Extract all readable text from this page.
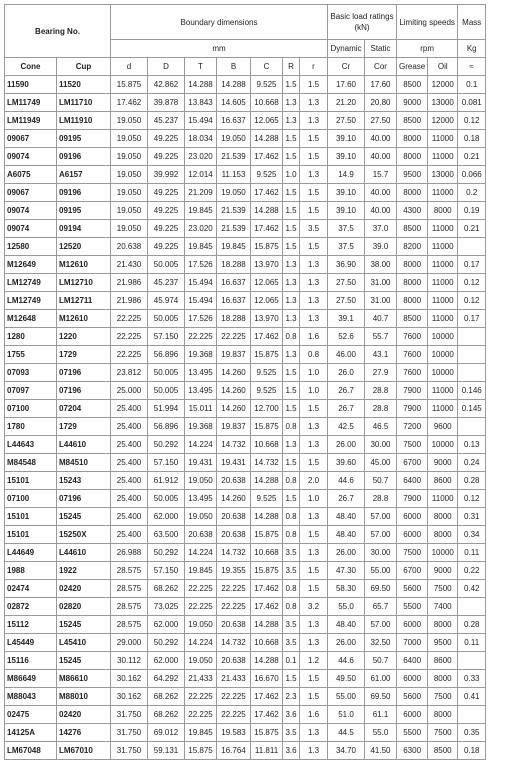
Bearing No.		Boundary dimensions							Basic load ratings (kN)		Limiting speeds		Mass
		mm							Dynamic	Static	rpm		Kg
Cone	Cup	d	D	T	B	C	R	r	Cr	Cor	Grease	Oil	≈
11590	11520	15.875	42.862	14.288	14.288	9.525	1.5	1.5	17.60	17.60	8500	12000	0.1
LM11749	LM11710	17.462	39.878	13.843	14.605	10.668	1.3	1.3	21.20	20.80	9000	13000	0.081
LM11949	LM11910	19.050	45.237	15.494	16.637	12.065	1.3	1.3	27.50	27.50	8500	12000	0.12
09067	09195	19.050	49.225	18.034	19.050	14.288	1.5	1.5	39.10	40.00	8000	11000	0.18
09074	09196	19.050	49.225	23.020	21.539	17.462	1.5	1.5	39.10	40.00	8000	11000	0.21
A6075	A6157	19.050	39.992	12.014	11.153	9.525	1.0	1.3	14.9	15.7	9500	13000	0.066
09067	09196	19.050	49.225	21.209	19.050	17.462	1.5	1.5	39.10	40.00	8000	11000	0.2
09074	09195	19.050	49.225	19.845	21.539	14.288	1.5	1.5	39.10	40.00	4300	8000	0.19
09074	09194	19.050	49.225	23.020	21.539	17.462	1.5	3.5	37.5	37.0	8500	11000	0.21
12580	12520	20.638	49.225	19.845	19.845	15.875	1.5	1.5	37.5	39.0	8200	11000	
M12649	M12610	21.430	50.005	17.526	18.288	13.970	1.3	1.3	36.90	38.00	8000	11000	0.17
LM12749	LM12710	21.986	45.237	15.494	16.637	12.065	1.3	1.3	27.50	31.00	8000	11000	0.12
LM12749	LM12711	21.986	45.974	15.494	16.637	12.065	1.3	1.3	27.50	31.00	8000	11000	0.12
M12648	M12610	22.225	50.005	17.526	18.288	13.970	1.3	1.3	39.1	40.7	8500	11000	0.17
1280	1220	22.225	57.150	22.225	22.225	17.462	0.8	1.6	52.6	55.7	7600	10000	
1755	1729	22.225	56.896	19.368	19.837	15.875	1.3	0.8	46.00	43.1	7600	10000	
07093	07196	23.812	50.005	13.495	14.260	9.525	1.5	1.0	26.0	27.9	7600	10000	
07097	07196	25.000	50.005	13.495	14.260	9.525	1.5	1.0	26.7	28.8	7900	11000	0.146
07100	07204	25.400	51.994	15.011	14.260	12.700	1.5	1.5	26.7	28.8	7900	11000	0.145
1780	1729	25.400	56.896	19.368	19.837	15.875	0.8	1.3	42.5	46.5	7200	9600	
L44643	L44610	25.400	50.292	14.224	14.732	10.668	1.3	1.3	26.00	30.00	7500	10000	0.13
M84548	M84510	25.400	57.150	19.431	19.431	14.732	1.5	1.5	39.60	45.00	6700	9000	0.24
15101	15243	25.400	61.912	19.050	20.638	14.288	0.8	2.0	44.6	50.7	6400	8600	0.28
07100	07196	25.400	50.005	13.495	14.260	9.525	1.5	1.0	26.7	28.8	7900	11000	0.12
15101	15245	25.400	62.000	19.050	20.638	14.288	0.8	1.3	48.40	57.00	6000	8000	0.31
15101	15250X	25.400	63.500	20.638	20.638	15.875	0.8	1.5	48.40	57.00	6000	8000	0.34
L44649	L44610	26.988	50.292	14.224	14.732	10.668	3.5	1.3	26.00	30.00	7500	10000	0.11
1988	1922	28.575	57.150	19.845	19.355	15.875	3.5	1.5	47.30	55.00	6700	9000	0.22
02474	02420	28.575	68.262	22.225	22.225	17.462	0.8	1.5	58.30	69.50	5600	7500	0.42
02872	02820	28.575	73.025	22.225	22.225	17.462	0.8	3.2	55.0	65.7	5500	7400	
15112	15245	28.575	62.000	19.050	20.638	14.288	3.5	1.3	48.40	57.00	6000	8000	0.28
L45449	L45410	29.000	50.292	14.224	14.732	10.668	3.5	1.3	26.00	32.50	7000	9500	0.11
15116	15245	30.112	62.000	19.050	20.638	14.288	0.1	1.2	44.6	50.7	6400	8600	
M86649	M86610	30.162	64.292	21.433	21.433	16.670	1.5	1.5	49.50	61.00	6000	8000	0.33
M88043	M88010	30.162	68.262	22.225	22.225	17.462	2.3	1.5	55.00	69.50	5600	7500	0.41
02475	02420	31.750	68.262	22.225	22.225	17.462	3.6	1.6	51.0	61.1	6000	8000	
14125A	14276	31.750	69.012	19.845	19.583	15.875	3.5	1.3	44.5	55.0	5500	7500	0.35
LM67048	LM67010	31.750	59.131	15.875	16.764	11.811	3.6	1.3	34.70	41.50	6300	8500	0.18
